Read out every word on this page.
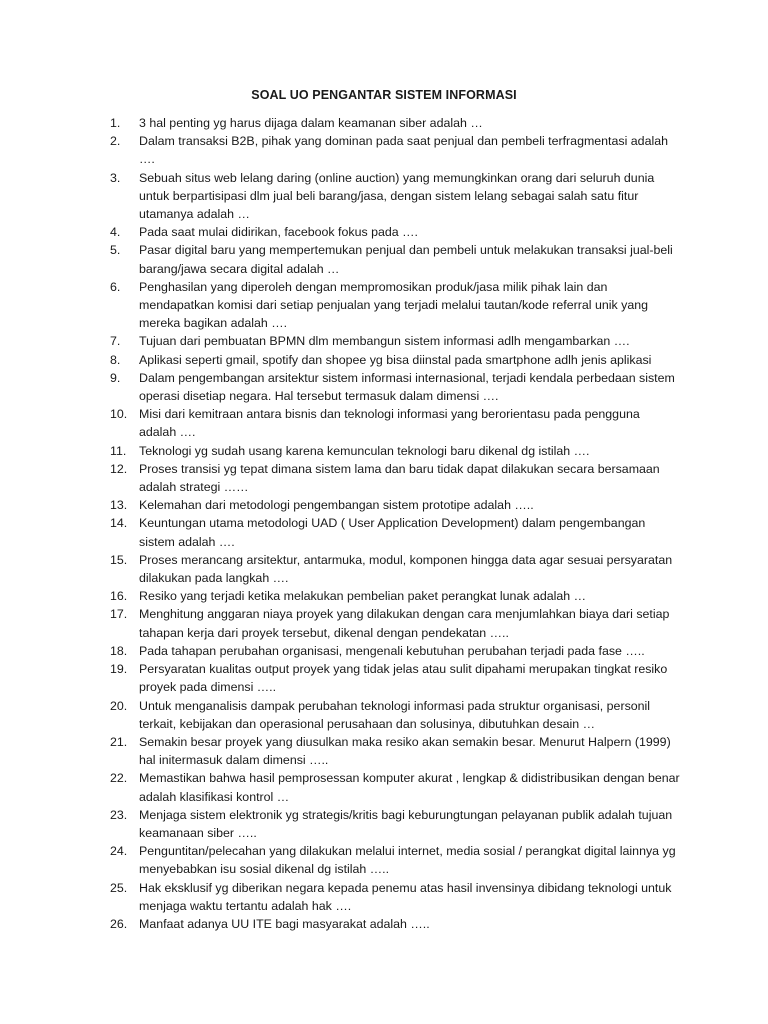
SOAL UO PENGANTAR SISTEM INFORMASI
1.	3 hal penting yg harus dijaga dalam keamanan siber adalah …
2.	Dalam transaksi B2B, pihak yang dominan pada saat penjual dan pembeli terfragmentasi adalah ….
3.	Sebuah situs web lelang daring (online auction) yang memungkinkan orang dari seluruh dunia untuk berpartisipasi dlm jual beli barang/jasa, dengan sistem lelang sebagai salah satu fitur utamanya adalah …
4.	Pada saat mulai didirikan, facebook fokus pada ….
5.	Pasar digital baru yang mempertemukan penjual dan pembeli untuk melakukan transaksi jual-beli barang/jawa secara digital adalah …
6.	Penghasilan yang diperoleh dengan mempromosikan produk/jasa milik pihak lain dan mendapatkan komisi dari setiap penjualan yang terjadi melalui tautan/kode referral unik yang mereka bagikan adalah ….
7.	Tujuan dari pembuatan BPMN dlm membangun sistem informasi adlh mengambarkan ….
8.	Aplikasi seperti gmail, spotify dan shopee yg bisa diinstal pada smartphone adlh jenis aplikasi
9.	Dalam pengembangan arsitektur sistem informasi internasional, terjadi kendala perbedaan sistem operasi disetiap negara. Hal tersebut termasuk dalam dimensi ….
10. Misi dari kemitraan antara bisnis dan teknologi informasi yang berorientasu pada pengguna adalah ….
11.	Teknologi yg sudah usang karena kemunculan teknologi baru dikenal dg istilah ….
12. Proses transisi yg tepat dimana sistem lama dan baru tidak dapat dilakukan secara bersamaan adalah strategi ……
13. Kelemahan dari metodologi pengembangan sistem prototipe adalah …..
14. Keuntungan utama metodologi UAD ( User Application Development) dalam pengembangan sistem adalah ….
15. Proses merancang arsitektur, antarmuka, modul, komponen hingga data agar sesuai persyaratan dilakukan pada langkah ….
16. Resiko yang terjadi ketika melakukan pembelian paket perangkat lunak adalah …
17. Menghitung anggaran niaya proyek yang dilakukan dengan cara menjumlahkan biaya dari setiap tahapan kerja dari proyek tersebut, dikenal dengan pendekatan …..
18. Pada tahapan perubahan organisasi, mengenali kebutuhan perubahan terjadi pada fase …..
19. Persyaratan kualitas output proyek yang tidak jelas atau sulit dipahami merupakan tingkat resiko proyek pada dimensi …..
20. Untuk menganalisis dampak perubahan teknologi informasi pada struktur organisasi, personil terkait, kebijakan dan operasional perusahaan dan solusinya, dibutuhkan desain …
21. Semakin besar proyek yang diusulkan maka resiko akan semakin besar. Menurut Halpern (1999) hal initermasuk dalam dimensi …..
22. Memastikan bahwa hasil pemprosessan komputer akurat , lengkap & didistribusikan dengan benar adalah klasifikasi kontrol …
23. Menjaga sistem elektronik yg strategis/kritis bagi keburungtungan pelayanan publik adalah tujuan keamanaan siber …..
24. Penguntitan/pelecahan yang dilakukan melalui internet, media sosial / perangkat digital lainnya yg menyebabkan isu sosial dikenal dg istilah …..
25. Hak eksklusif yg diberikan negara kepada penemu atas hasil invensinya dibidang teknologi untuk menjaga waktu tertantu adalah hak ….
26. Manfaat adanya UU ITE bagi masyarakat adalah …..
